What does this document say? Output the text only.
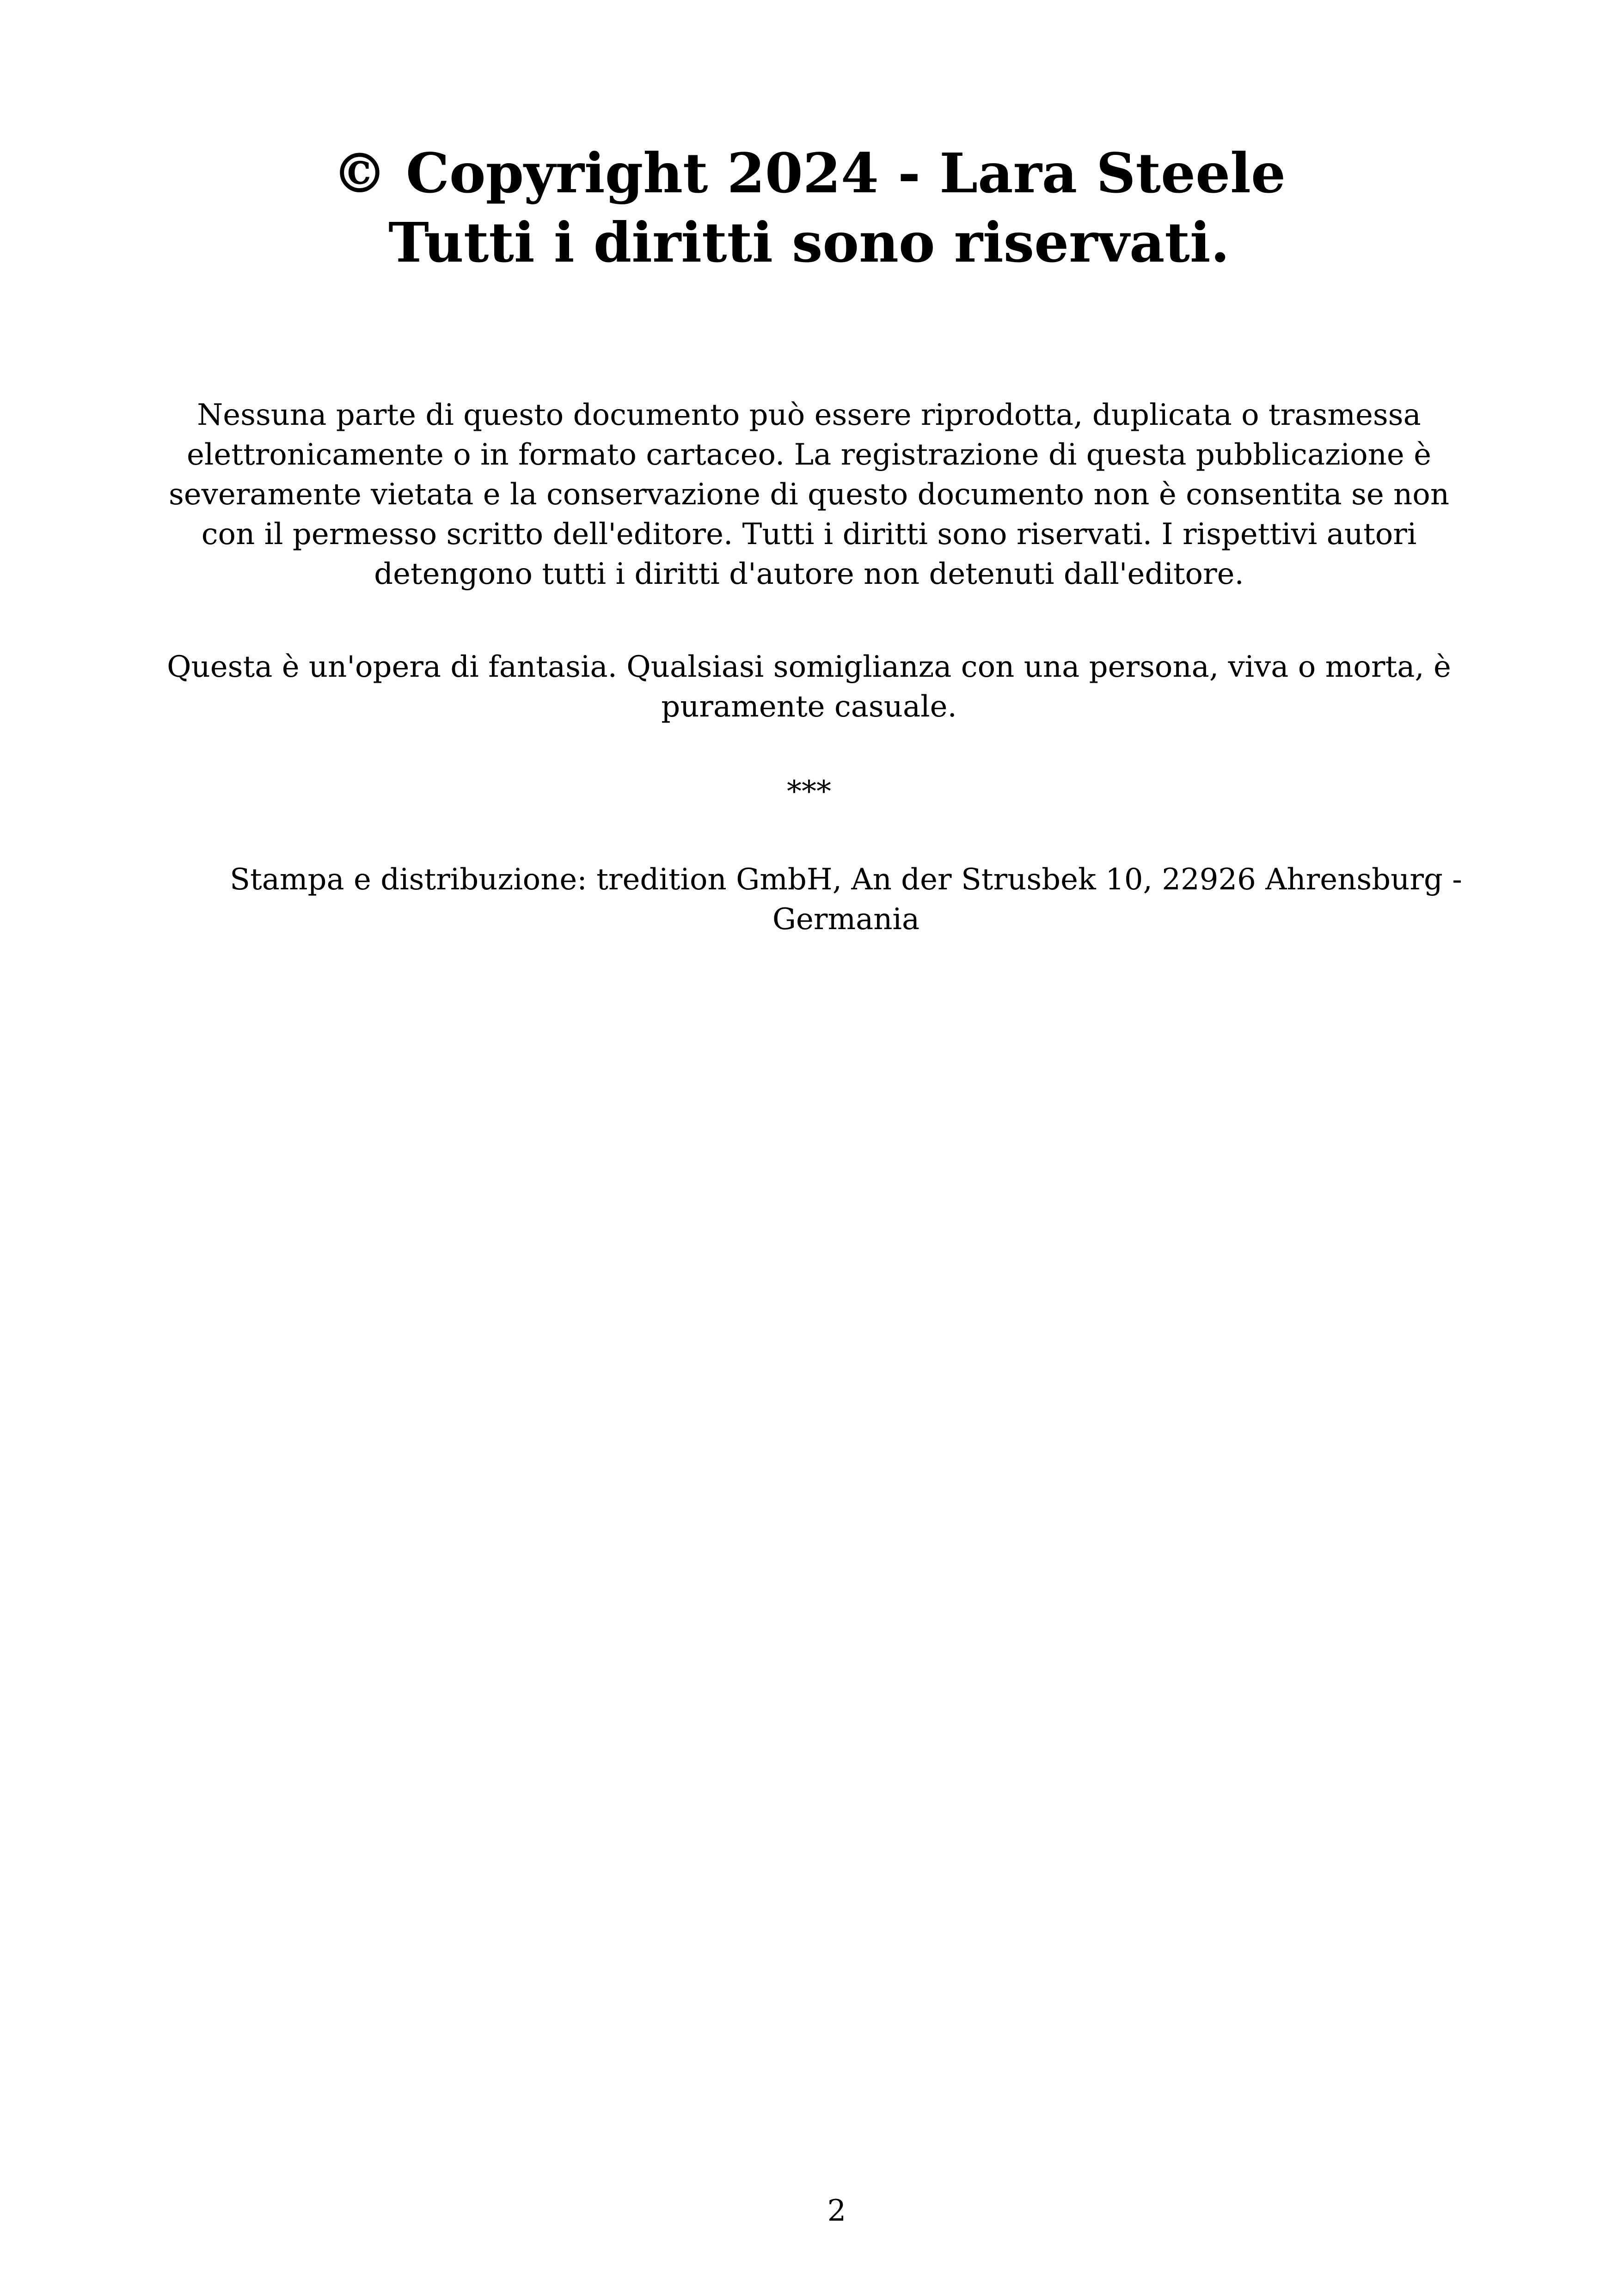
© Copyright 2024 - Lara Steele
Tutti i diritti sono riservati.
Nessuna parte di questo documento può essere riprodotta, duplicata o trasmessa elettronicamente o in formato cartaceo. La registrazione di questa pubblicazione è severamente vietata e la conservazione di questo documento non è consentita se non con il permesso scritto dell'editore. Tutti i diritti sono riservati. I rispettivi autori detengono tutti i diritti d'autore non detenuti dall'editore.
Questa è un'opera di fantasia. Qualsiasi somiglianza con una persona, viva o morta, è puramente casuale.
***
Stampa e distribuzione: tredition GmbH, An der Strusbek 10, 22926 Ahrensburg - Germania
2
